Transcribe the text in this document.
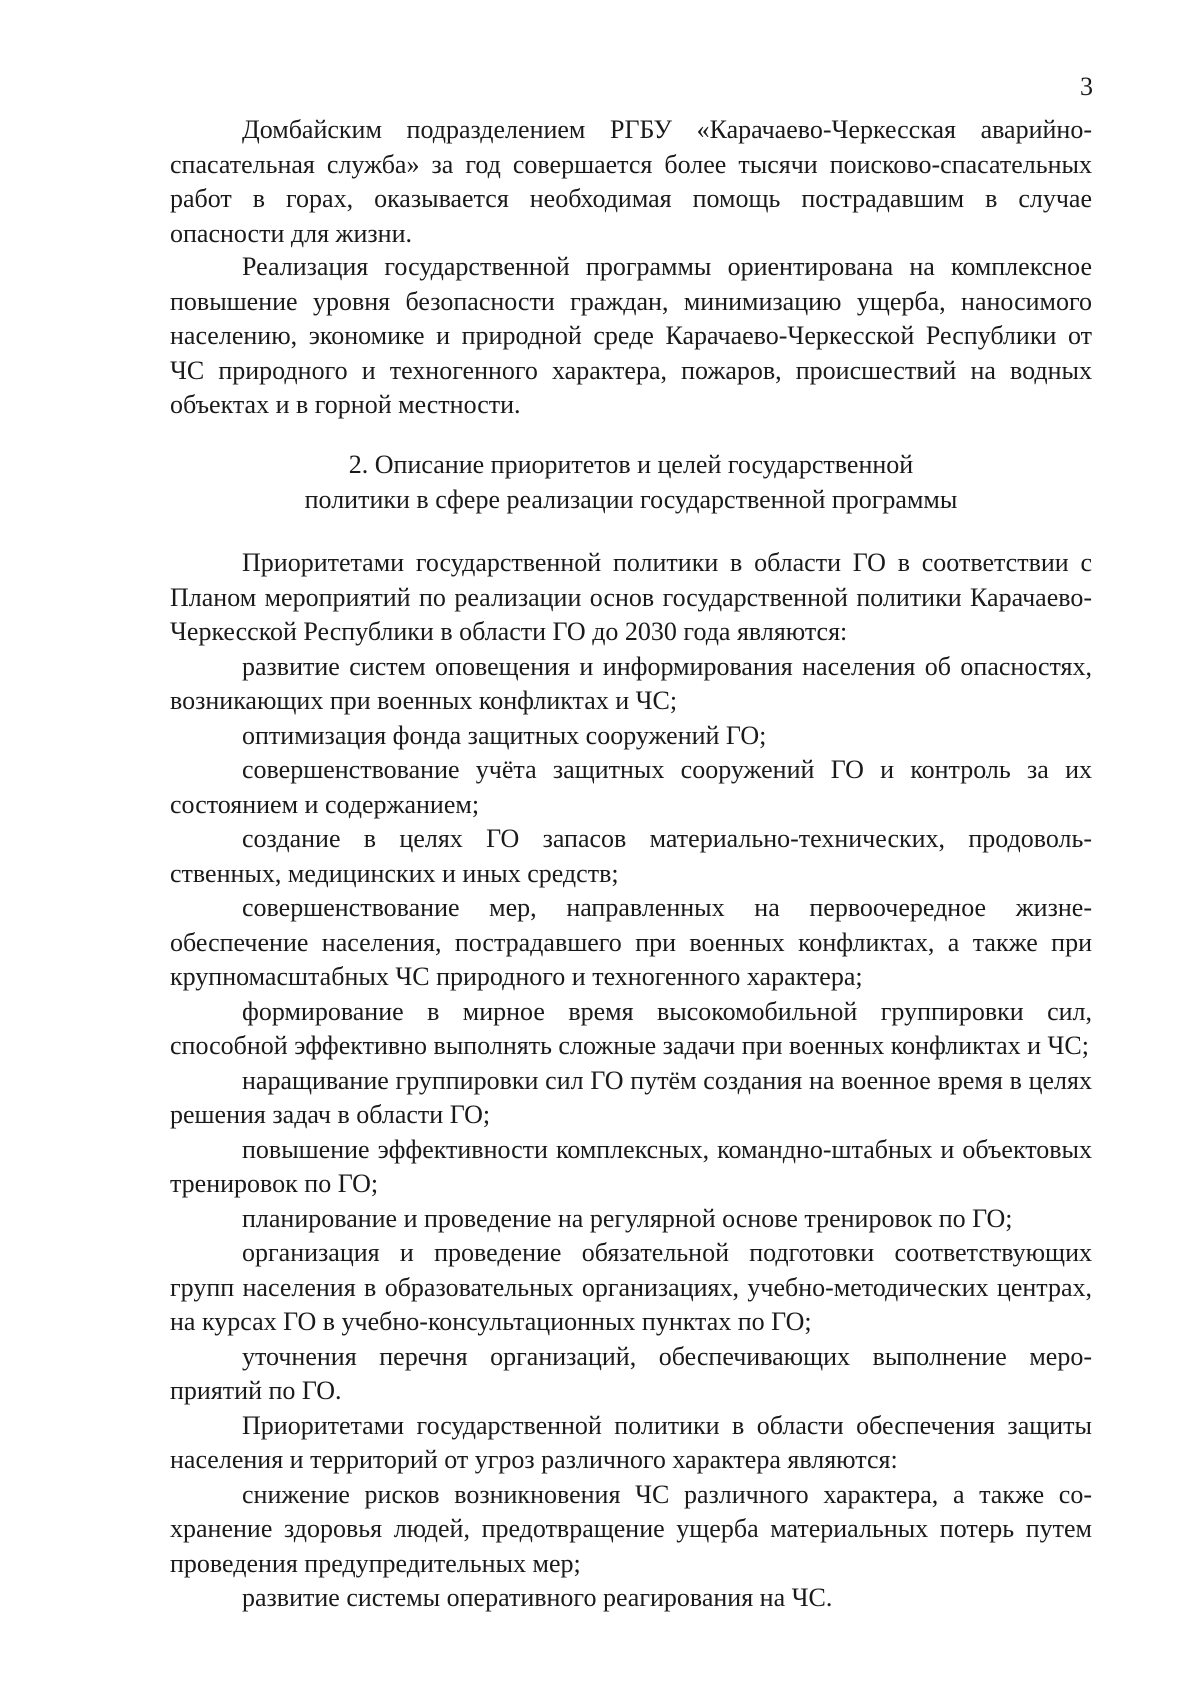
3

Домбайским подразделением РГБУ «Карачаево-Черкесская аварийно-спасательная служба» за год совершается более тысячи поисково-спасательных работ в горах, оказывается необходимая помощь пострадавшим в случае опасности для жизни.

Реализация государственной программы ориентирована на комплексное повышение уровня безопасности граждан, минимизацию ущерба, наносимого населению, экономике и природной среде Карачаево-Черкесской Республики от ЧС природного и техногенного характера, пожаров, происшествий на водных объектах и в горной местности.

2. Описание приоритетов и целей государственной
политики в сфере реализации государственной программы

Приоритетами государственной политики в области ГО в соответствии с Планом мероприятий по реализации основ государственной политики Карачаево-Черкесской Республики в области ГО до 2030 года являются:

развитие систем оповещения и информирования населения об опасностях, возникающих при военных конфликтах и ЧС;

оптимизация фонда защитных сооружений ГО;

совершенствование учёта защитных сооружений ГО и контроль за их состоянием и содержанием;

создание в целях ГО запасов материально-технических, продовольственных, медицинских и иных средств;

совершенствование мер, направленных на первоочередное жизнеобеспечение населения, пострадавшего при военных конфликтах, а также при крупномасштабных ЧС природного и техногенного характера;

формирование в мирное время высокомобильной группировки сил, способной эффективно выполнять сложные задачи при военных конфликтах и ЧС;

наращивание группировки сил ГО путём создания на военное время в целях решения задач в области ГО;

повышение эффективности комплексных, командно-штабных и объектовых тренировок по ГО;

планирование и проведение на регулярной основе тренировок по ГО;

организация и проведение обязательной подготовки соответствующих групп населения в образовательных организациях, учебно-методических центрах, на курсах ГО в учебно-консультационных пунктах по ГО;

уточнения перечня организаций, обеспечивающих выполнение мероприятий по ГО.

Приоритетами государственной политики в области обеспечения защиты населения и территорий от угроз различного характера являются:

снижение рисков возникновения ЧС различного характера, а также сохранение здоровья людей, предотвращение ущерба материальных потерь путем проведения предупредительных мер;

развитие системы оперативного реагирования на ЧС.
